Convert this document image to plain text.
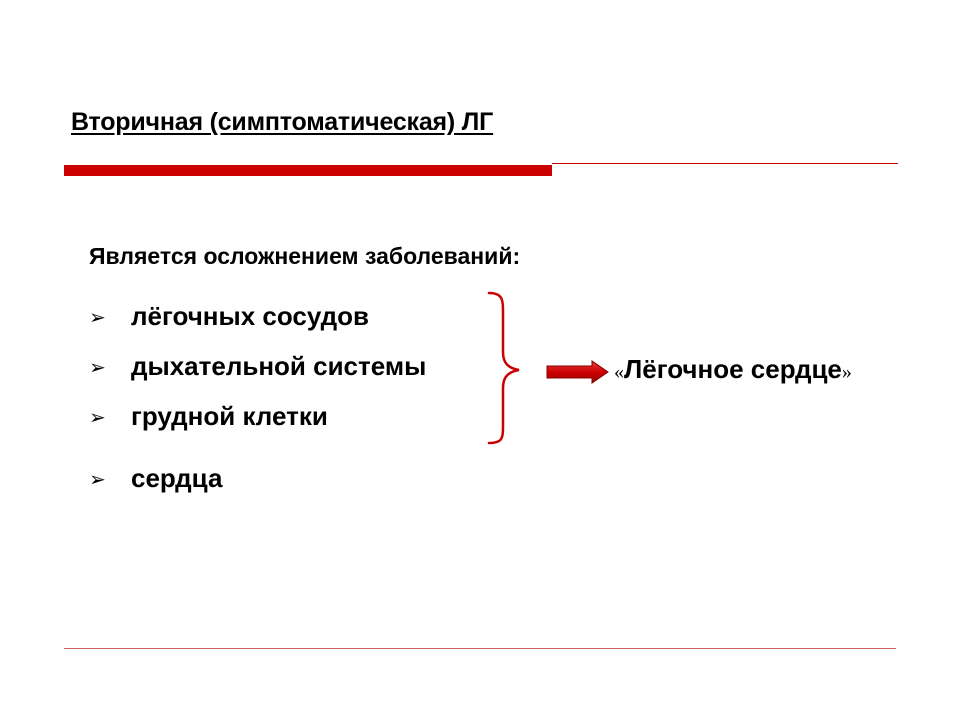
Вторичная (симптоматическая) ЛГ
Является осложнением заболеваний:
➢ лёгочных сосудов
➢ дыхательной системы
➢ грудной клетки
➢ сердца
«Лёгочное сердце»
